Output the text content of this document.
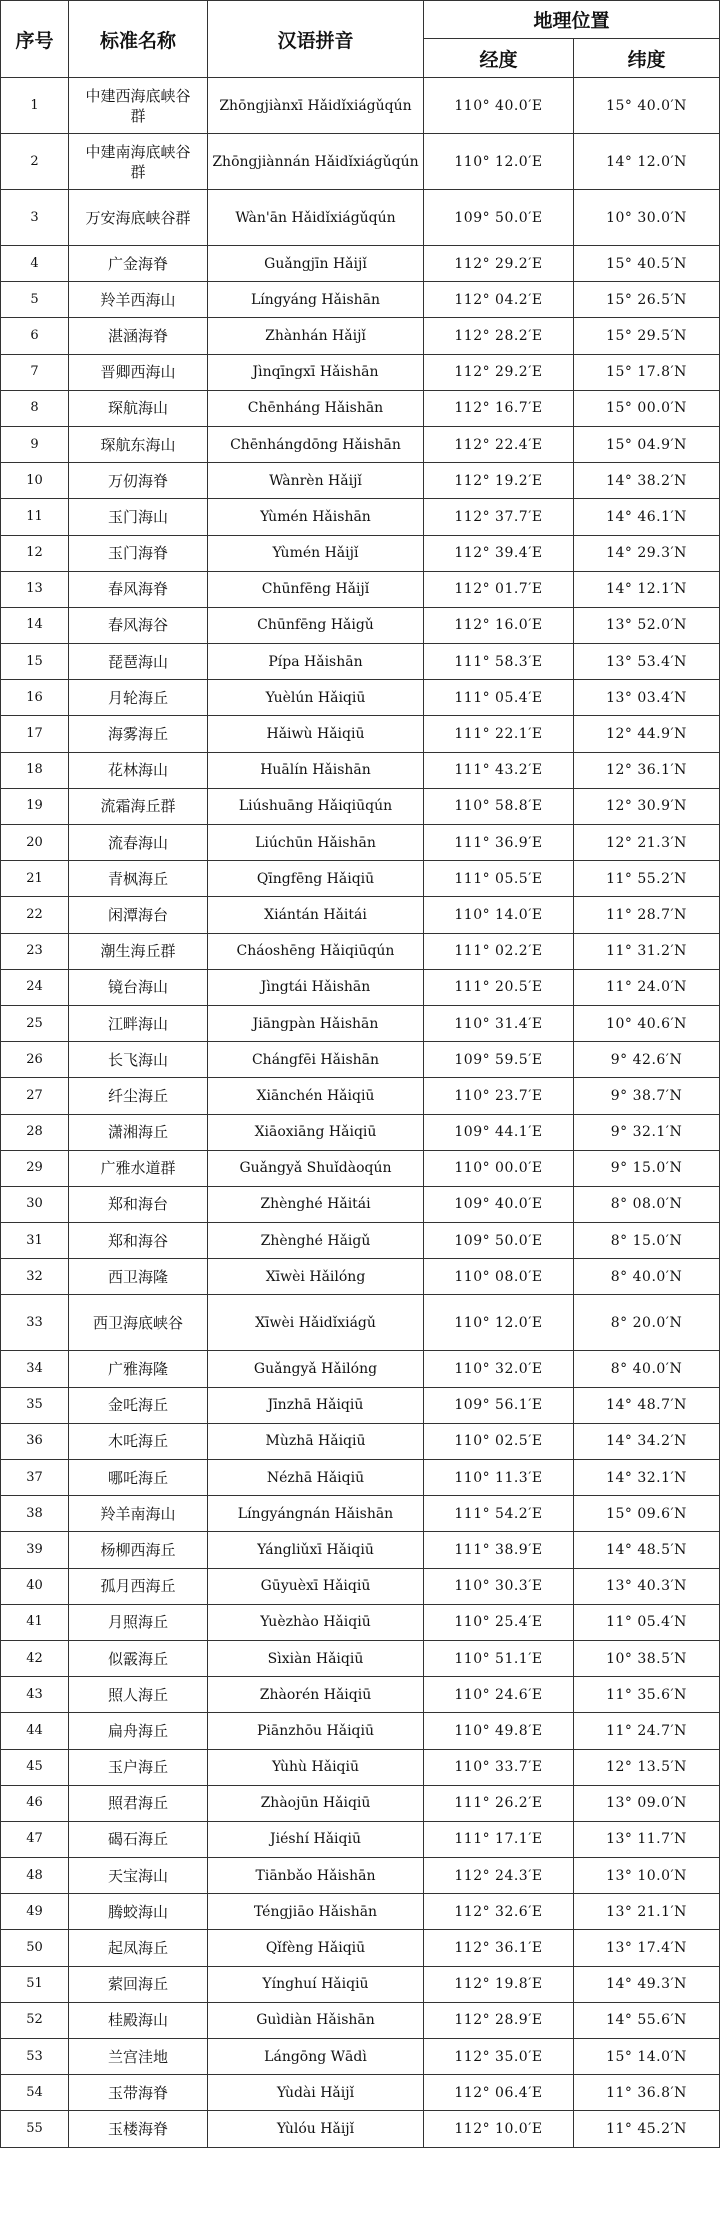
序号	标准名称	汉语拼音	地理位置	
			经度	纬度
1	中建西海底峡谷群	Zhōngjiànxī Hǎidǐxiágǔqún	110° 40.0′E	15° 40.0′N
2	中建南海底峡谷群	Zhōngjiànnán Hǎidǐxiágǔqún	110° 12.0′E	14° 12.0′N
3	万安海底峡谷群	Wàn'ān Hǎidǐxiágǔqún	109° 50.0′E	10° 30.0′N
4	广金海脊	Guǎngjīn Hǎijǐ	112° 29.2′E	15° 40.5′N
5	羚羊西海山	Língyáng Hǎishān	112° 04.2′E	15° 26.5′N
6	湛涵海脊	Zhànhán Hǎijǐ	112° 28.2′E	15° 29.5′N
7	晋卿西海山	Jìnqīngxī Hǎishān	112° 29.2′E	15° 17.8′N
8	琛航海山	Chēnháng Hǎishān	112° 16.7′E	15° 00.0′N
9	琛航东海山	Chēnhángdōng Hǎishān	112° 22.4′E	15° 04.9′N
10	万仞海脊	Wànrèn Hǎijǐ	112° 19.2′E	14° 38.2′N
11	玉门海山	Yùmén Hǎishān	112° 37.7′E	14° 46.1′N
12	玉门海脊	Yùmén Hǎijǐ	112° 39.4′E	14° 29.3′N
13	春风海脊	Chūnfēng Hǎijǐ	112° 01.7′E	14° 12.1′N
14	春风海谷	Chūnfēng Hǎigǔ	112° 16.0′E	13° 52.0′N
15	琵琶海山	Pípa Hǎishān	111° 58.3′E	13° 53.4′N
16	月轮海丘	Yuèlún Hǎiqiū	111° 05.4′E	13° 03.4′N
17	海雾海丘	Hǎiwù Hǎiqiū	111° 22.1′E	12° 44.9′N
18	花林海山	Huālín Hǎishān	111° 43.2′E	12° 36.1′N
19	流霜海丘群	Liúshuāng Hǎiqiūqún	110° 58.8′E	12° 30.9′N
20	流春海山	Liúchūn Hǎishān	111° 36.9′E	12° 21.3′N
21	青枫海丘	Qīngfēng Hǎiqiū	111° 05.5′E	11° 55.2′N
22	闲潭海台	Xiántán Hǎitái	110° 14.0′E	11° 28.7′N
23	潮生海丘群	Cháoshēng Hǎiqiūqún	111° 02.2′E	11° 31.2′N
24	镜台海山	Jìngtái Hǎishān	111° 20.5′E	11° 24.0′N
25	江畔海山	Jiāngpàn Hǎishān	110° 31.4′E	10° 40.6′N
26	长飞海山	Chángfēi Hǎishān	109° 59.5′E	9° 42.6′N
27	纤尘海丘	Xiānchén Hǎiqiū	110° 23.7′E	9° 38.7′N
28	潇湘海丘	Xiāoxiāng Hǎiqiū	109° 44.1′E	9° 32.1′N
29	广雅水道群	Guǎngyǎ Shuǐdàoqún	110° 00.0′E	9° 15.0′N
30	郑和海台	Zhènghé Hǎitái	109° 40.0′E	8° 08.0′N
31	郑和海谷	Zhènghé Hǎigǔ	109° 50.0′E	8° 15.0′N
32	西卫海隆	Xīwèi Hǎilóng	110° 08.0′E	8° 40.0′N
33	西卫海底峡谷	Xīwèi Hǎidǐxiágǔ	110° 12.0′E	8° 20.0′N
34	广雅海隆	Guǎngyǎ Hǎilóng	110° 32.0′E	8° 40.0′N
35	金吒海丘	Jīnzhā Hǎiqiū	109° 56.1′E	14° 48.7′N
36	木吒海丘	Mùzhā Hǎiqiū	110° 02.5′E	14° 34.2′N
37	哪吒海丘	Nézhā Hǎiqiū	110° 11.3′E	14° 32.1′N
38	羚羊南海山	Língyángnán Hǎishān	111° 54.2′E	15° 09.6′N
39	杨柳西海丘	Yángliǔxī Hǎiqiū	111° 38.9′E	14° 48.5′N
40	孤月西海丘	Gūyuèxī Hǎiqiū	110° 30.3′E	13° 40.3′N
41	月照海丘	Yuèzhào Hǎiqiū	110° 25.4′E	11° 05.4′N
42	似霰海丘	Sìxiàn Hǎiqiū	110° 51.1′E	10° 38.5′N
43	照人海丘	Zhàorén Hǎiqiū	110° 24.6′E	11° 35.6′N
44	扁舟海丘	Piānzhōu Hǎiqiū	110° 49.8′E	11° 24.7′N
45	玉户海丘	Yùhù Hǎiqiū	110° 33.7′E	12° 13.5′N
46	照君海丘	Zhàojūn Hǎiqiū	111° 26.2′E	13° 09.0′N
47	碣石海丘	Jiéshí Hǎiqiū	111° 17.1′E	13° 11.7′N
48	天宝海山	Tiānbǎo Hǎishān	112° 24.3′E	13° 10.0′N
49	腾蛟海山	Téngjiāo Hǎishān	112° 32.6′E	13° 21.1′N
50	起凤海丘	Qǐfèng Hǎiqiū	112° 36.1′E	13° 17.4′N
51	萦回海丘	Yínghuí Hǎiqiū	112° 19.8′E	14° 49.3′N
52	桂殿海山	Guìdiàn Hǎishān	112° 28.9′E	14° 55.6′N
53	兰宫洼地	Lángōng Wādì	112° 35.0′E	15° 14.0′N
54	玉带海脊	Yùdài Hǎijǐ	112° 06.4′E	11° 36.8′N
55	玉楼海脊	Yùlóu Hǎijǐ	112° 10.0′E	11° 45.2′N
